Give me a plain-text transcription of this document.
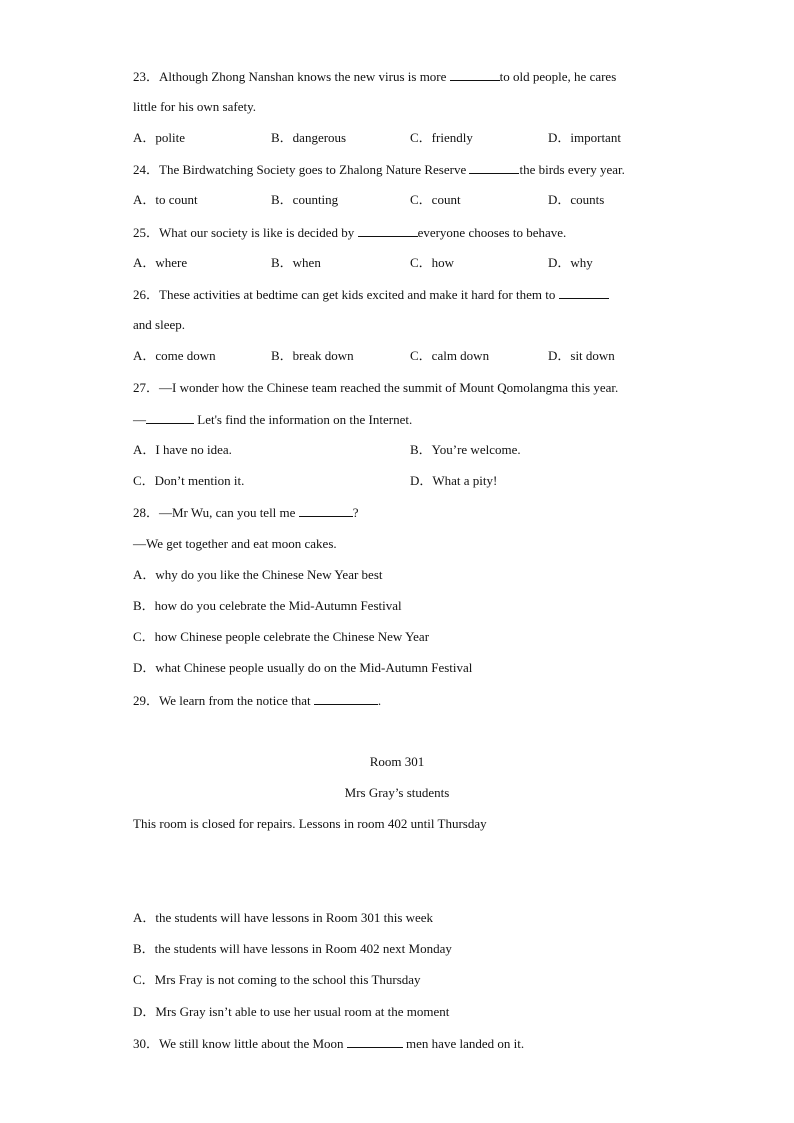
23．Although Zhong Nanshan knows the new virus is more	to old people, he cares
little for his own safety.
A．polite	B．dangerous	C．friendly	D．important
24．The Birdwatching Society goes to Zhalong Nature Reserve	the birds every year.
A．to count	B．counting	C．count	D．counts
25．What our society is like is decided by	everyone chooses to behave.
A．where	B．when	C．how	D．why
26．These activities at bedtime can get kids excited and make it hard for them to
and sleep.
A．come down	B．break down	C．calm down	D．sit down
27．—I wonder how the Chinese team reached the summit of Mount Qomolangma this year.
—	Let's find the information on the Internet.
A．I have no idea.	B．You’re welcome.
C．Don’t mention it.	D．What a pity!
28．—Mr Wu, can you tell me	?
—We get together and eat moon cakes.
A．why do you like the Chinese New Year best
B．how do you celebrate the Mid-Autumn Festival
C．how Chinese people celebrate the Chinese New Year
D．what Chinese people usually do on the Mid-Autumn Festival
29．We learn from the notice that	.
Room 301
Mrs Gray’s students
This room is closed for repairs. Lessons in room 402 until Thursday
A．the students will have lessons in Room 301 this week
B．the students will have lessons in Room 402 next Monday
C．Mrs Fray is not coming to the school this Thursday
D．Mrs Gray isn’t able to use her usual room at the moment
30．We still know little about the Moon	men have landed on it.
